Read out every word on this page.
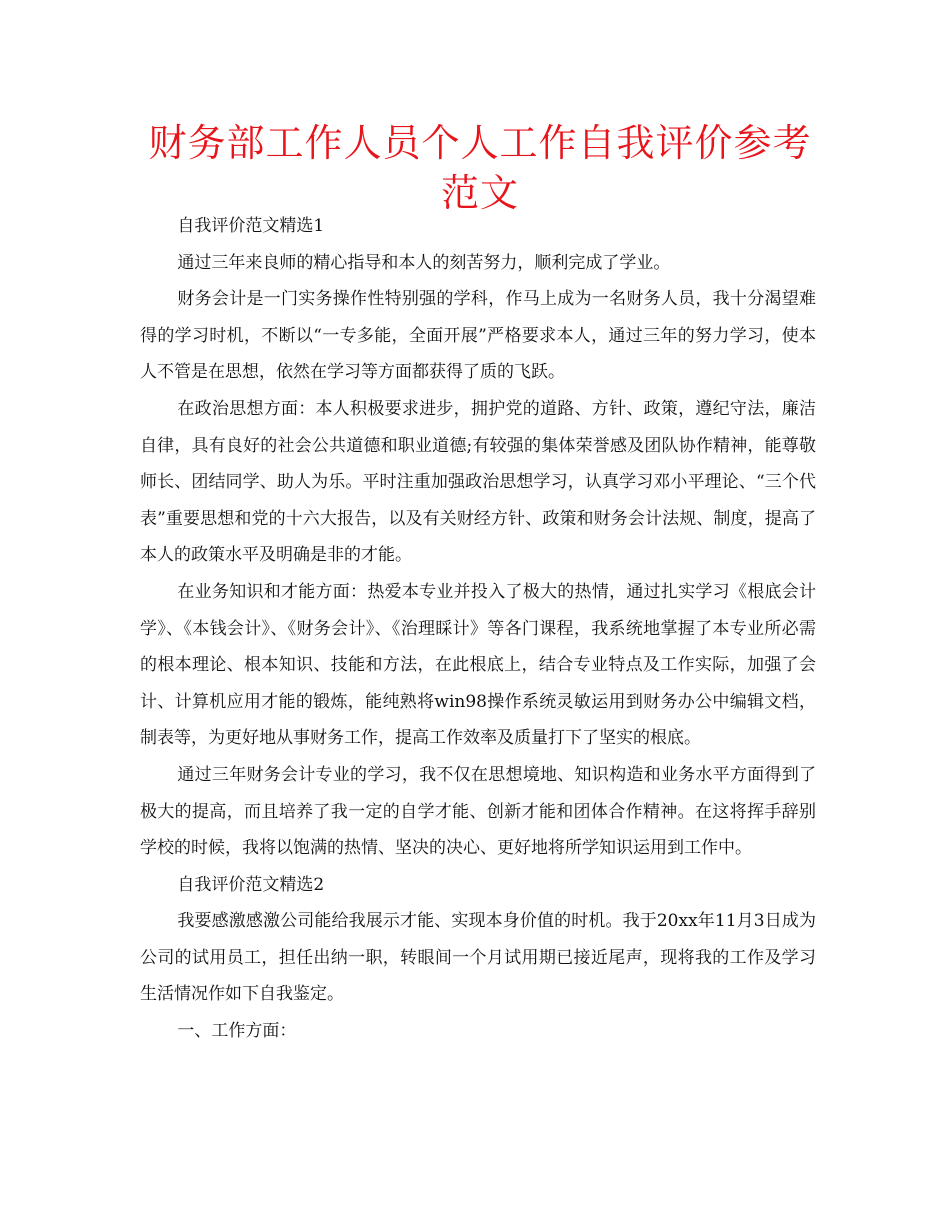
财务部工作人员个人工作自我评价参考范文

自我评价范文精选1

通过三年来良师的精心指导和本人的刻苦努力，顺利完成了学业。

财务会计是一门实务操作性特别强的学科，作马上成为一名财务人员，我十分渴望难得的学习时机，不断以“一专多能，全面开展”严格要求本人，通过三年的努力学习，使本人不管是在思想，依然在学习等方面都获得了质的飞跃。

在政治思想方面：本人积极要求进步，拥护党的道路、方针、政策，遵纪守法，廉洁自律，具有良好的社会公共道德和职业道德;有较强的集体荣誉感及团队协作精神，能尊敬师长、团结同学、助人为乐。平时注重加强政治思想学习，认真学习邓小平理论、“三个代表”重要思想和党的十六大报告，以及有关财经方针、政策和财务会计法规、制度，提高了本人的政策水平及明确是非的才能。

在业务知识和才能方面：热爱本专业并投入了极大的热情，通过扎实学习《根底会计学》、《本钱会计》、《财务会计》、《治理睬计》等各门课程，我系统地掌握了本专业所必需的根本理论、根本知识、技能和方法，在此根底上，结合专业特点及工作实际，加强了会计、计算机应用才能的锻炼，能纯熟将win98操作系统灵敏运用到财务办公中编辑文档，制表等，为更好地从事财务工作，提高工作效率及质量打下了坚实的根底。

通过三年财务会计专业的学习，我不仅在思想境地、知识构造和业务水平方面得到了极大的提高，而且培养了我一定的自学才能、创新才能和团体合作精神。在这将挥手辞别学校的时候，我将以饱满的热情、坚决的决心、更好地将所学知识运用到工作中。

自我评价范文精选2

我要感激感激公司能给我展示才能、实现本身价值的时机。我于20xx年11月3日成为公司的试用员工，担任出纳一职，转眼间一个月试用期已接近尾声，现将我的工作及学习生活情况作如下自我鉴定。

一、工作方面：
